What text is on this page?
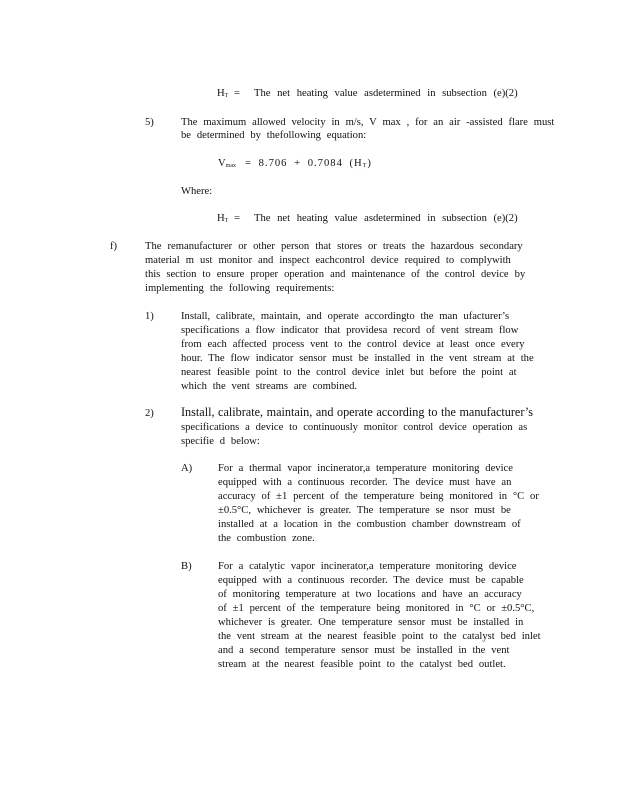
HT = The net heating value asdetermined in subsection (e)(2)
5)	The maximum allowed velocity in m/s, V max , for an air -assisted flare must
be determined by thefollowing equation:
Vmax = 8.706 + 0.7084 (HT)
Where:
HT = The net heating value asdetermined in subsection (e)(2)
f)	The remanufacturer or other person that stores or treats the hazardous secondary
material m ust monitor and inspect eachcontrol device required to complywith
this section to ensure proper operation and maintenance of the control device by
implementing the following requirements:
1)	Install, calibrate, maintain, and operate accordingto the man ufacturer’s
specifications a flow indicator that providesa record of vent stream flow
from each affected process vent to the control device at least once every
hour. The flow indicator sensor must be installed in the vent stream at the
nearest feasible point to the control device inlet but before the point at
which the vent streams are combined.
2) Install, calibrate, maintain, and operate according to the manufacturer’s
specifications a device to continuously monitor control device operation as
specifie d below:
A) For a thermal vapor incinerator,a temperature monitoring device
equipped with a continuous recorder. The device must have an
accuracy of ±1 percent of the temperature being monitored in °C or
±0.5°C, whichever is greater. The temperature se nsor must be
installed at a location in the combustion chamber downstream of
the combustion zone.
B) For a catalytic vapor incinerator,a temperature monitoring device
equipped with a continuous recorder. The device must be capable
of monitoring temperature at two locations and have an accuracy
of ±1 percent of the temperature being monitored in °C or ±0.5°C,
whichever is greater. One temperature sensor must be installed in
the vent stream at the nearest feasible point to the catalyst bed inlet
and a second temperature sensor must be installed in the vent
stream at the nearest feasible point to the catalyst bed outlet.
